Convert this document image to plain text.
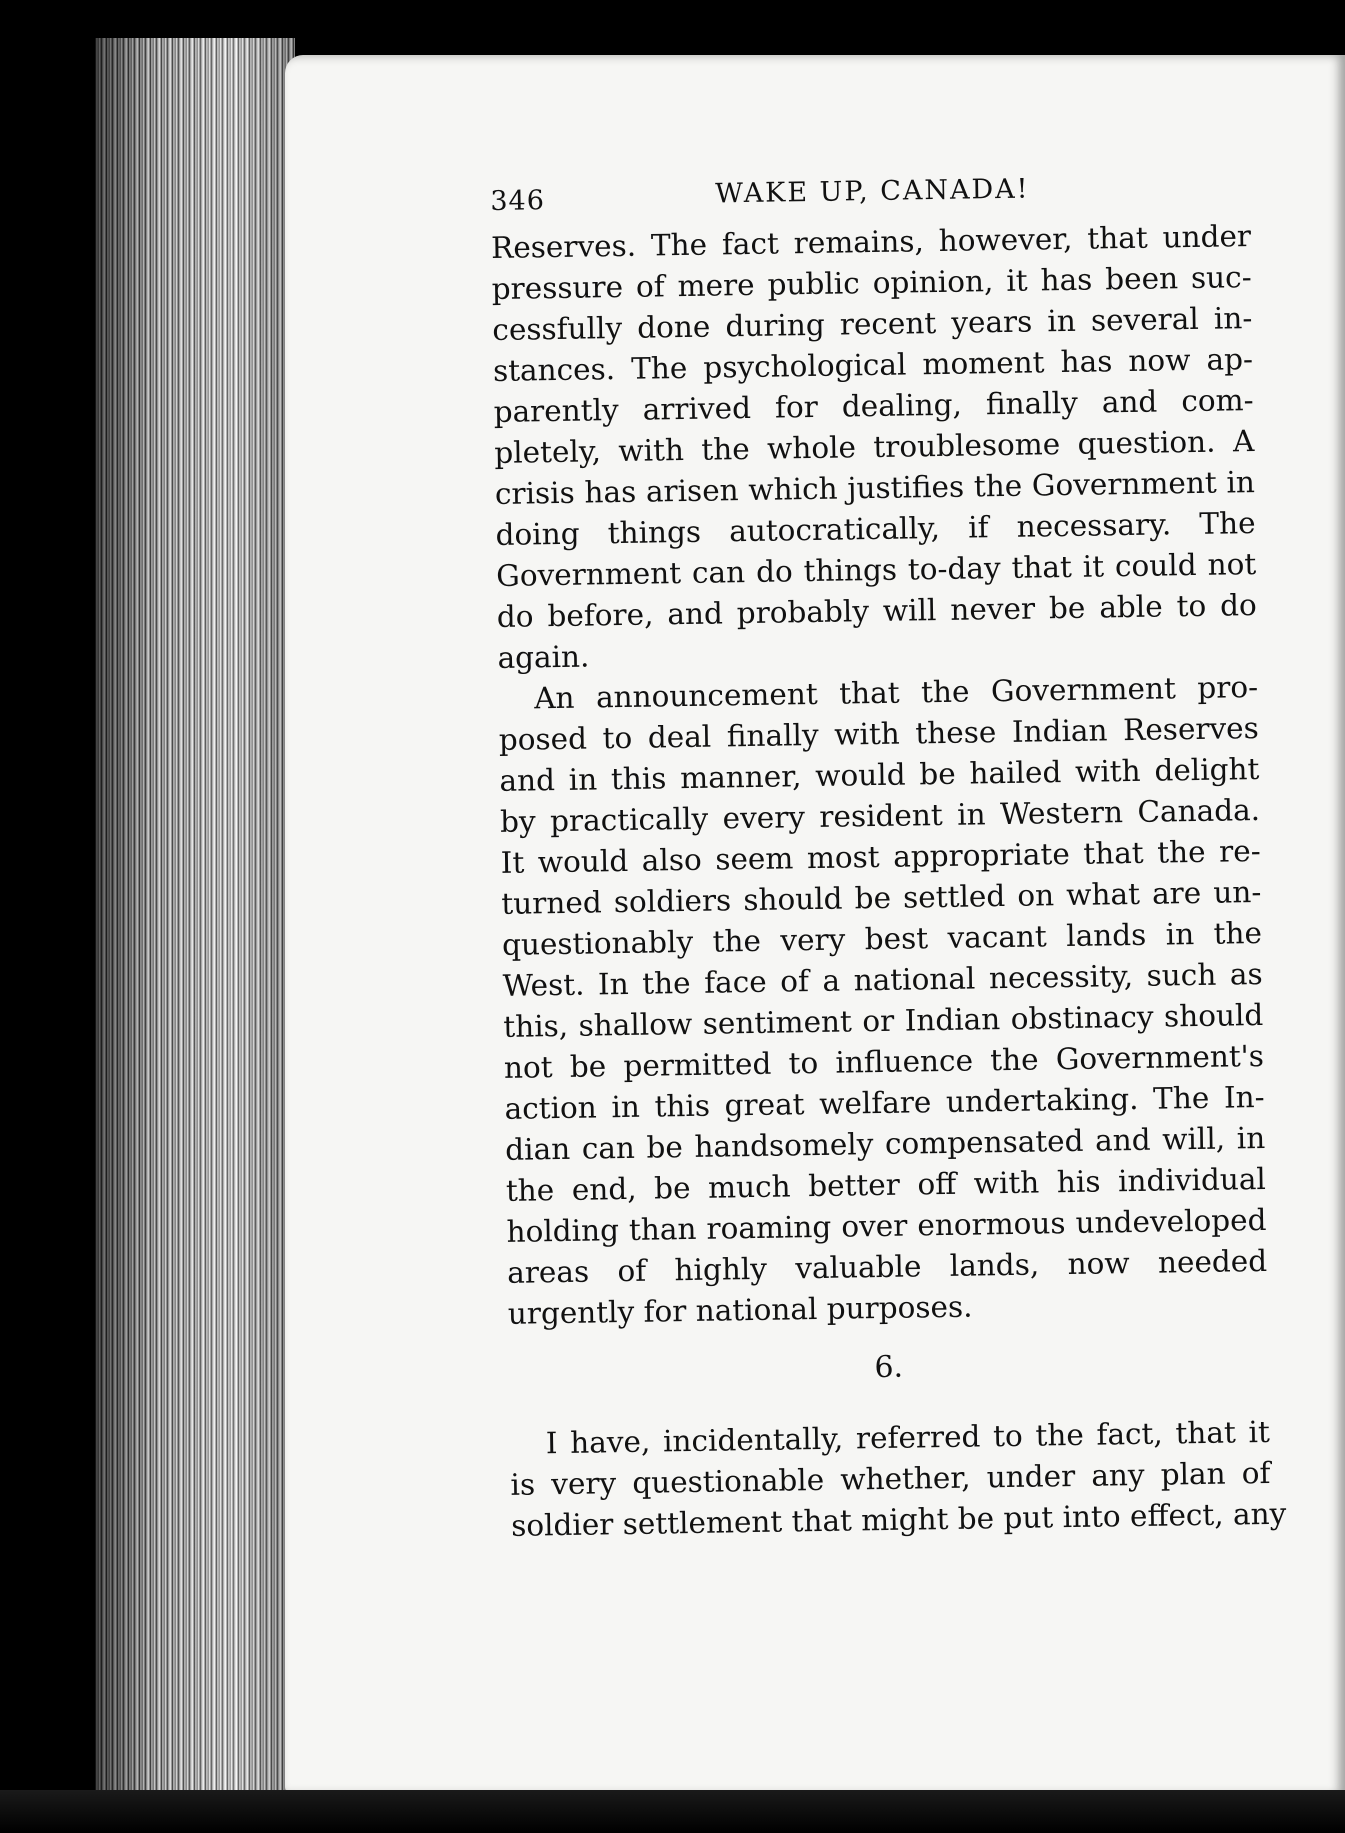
346	WAKE UP, CANADA!
Reserves. The fact remains, however, that under
pressure of mere public opinion, it has been suc-
cessfully done during recent years in several in-
stances. The psychological moment has now ap-
parently arrived for dealing, finally and com-
pletely, with the whole troublesome question. A
crisis has arisen which justifies the Government in
doing things autocratically, if necessary. The
Government can do things to-day that it could not
do before, and probably will never be able to do
again.
An announcement that the Government pro-
posed to deal finally with these Indian Reserves
and in this manner, would be hailed with delight
by practically every resident in Western Canada.
It would also seem most appropriate that the re-
turned soldiers should be settled on what are un-
questionably the very best vacant lands in the
West. In the face of a national necessity, such as
this, shallow sentiment or Indian obstinacy should
not be permitted to influence the Government's
action in this great welfare undertaking. The In-
dian can be handsomely compensated and will, in
the end, be much better off with his individual
holding than roaming over enormous undeveloped
areas of highly valuable lands, now needed
urgently for national purposes.
6.
I have, incidentally, referred to the fact, that it
is very questionable whether, under any plan of
soldier settlement that might be put into effect, any
